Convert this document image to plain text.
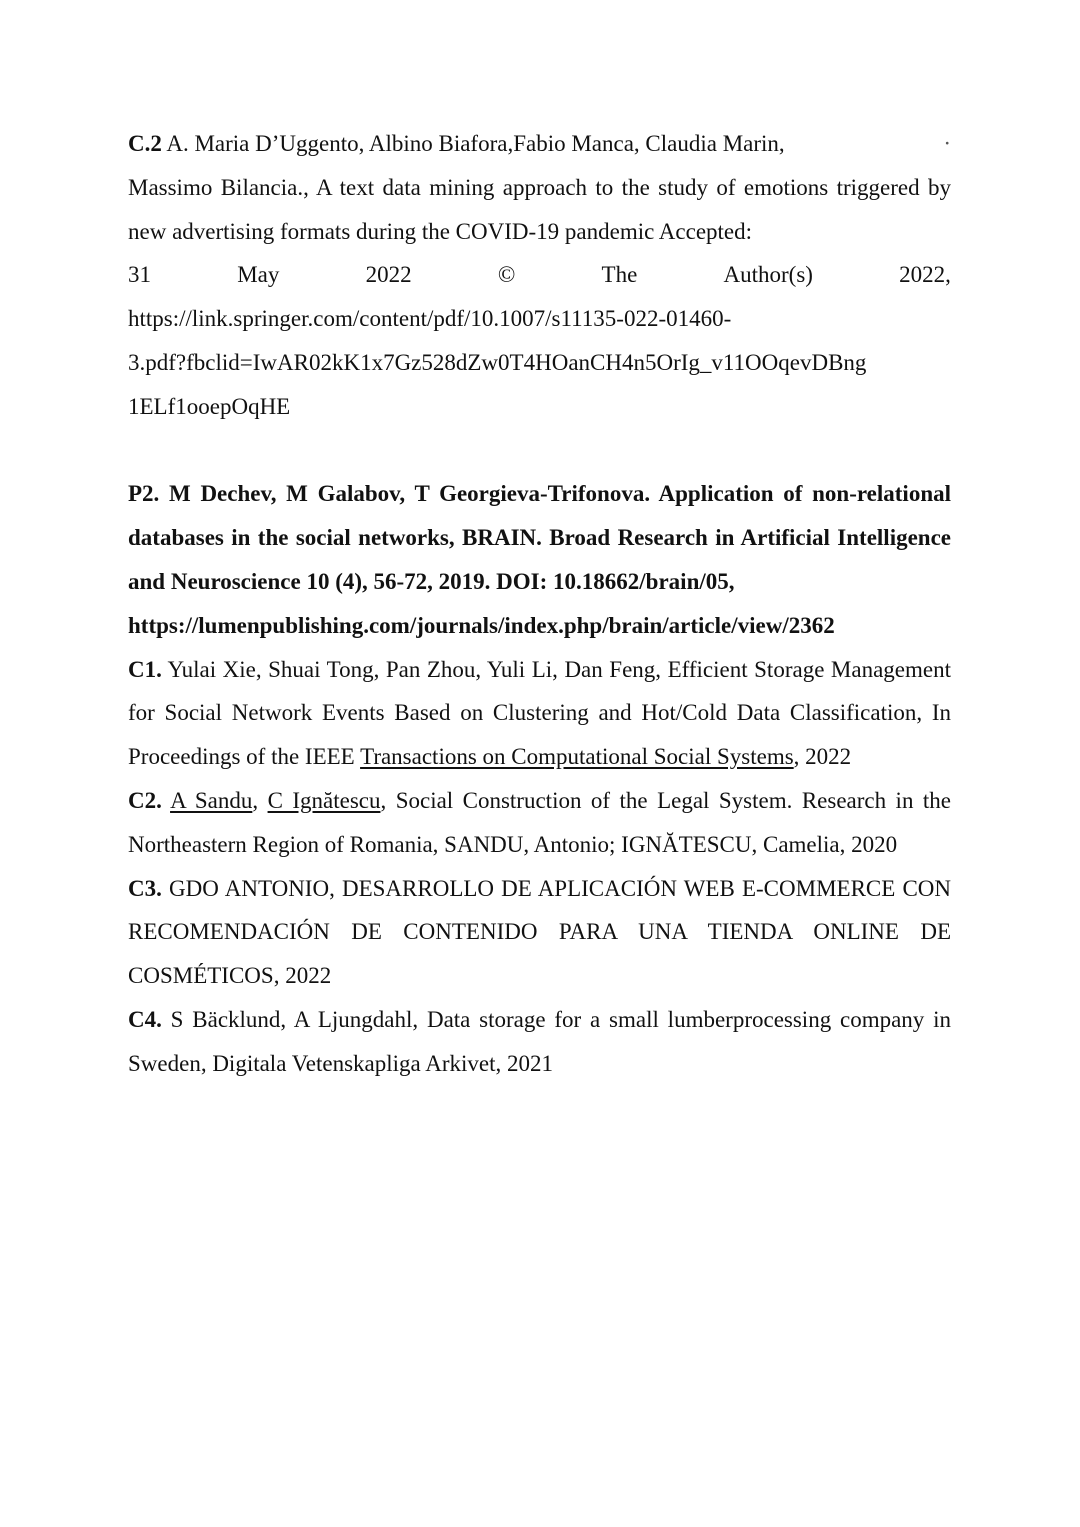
C.2 A. Maria D’Uggento, Albino Biafora,Fabio Manca, Claudia Marin,	·
Massimo Bilancia., A text data mining approach to the study of emotions triggered by new advertising formats during the COVID-19 pandemic Accepted:
31	May	2022	©	The	Author(s)	2022,
https://link.springer.com/content/pdf/10.1007/s11135-022-01460-
3.pdf?fbclid=IwAR02kK1x7Gz528dZw0T4HOanCH4n5OrIg_v11OOqevDBng
1ELf1ooepOqHE
P2. M Dechev, M Galabov, T Georgieva-Trifonova. Application of non-relational databases in the social networks, BRAIN. Broad Research in Artificial Intelligence and Neuroscience 10 (4), 56-72, 2019. DOI: 10.18662/brain/05,
https://lumenpublishing.com/journals/index.php/brain/article/view/2362
C1. Yulai Xie, Shuai Tong, Pan Zhou, Yuli Li, Dan Feng, Efficient Storage Management for Social Network Events Based on Clustering and Hot/Cold Data Classification, In Proceedings of the IEEE Transactions on Computational Social Systems, 2022
C2. A Sandu, C Ignătescu, Social Construction of the Legal System. Research in the Northeastern Region of Romania, SANDU, Antonio; IGNĂTESCU, Camelia, 2020
C3. GDO ANTONIO, DESARROLLO DE APLICACIÓN WEB E-COMMERCE CON RECOMENDACIÓN DE CONTENIDO PARA UNA TIENDA ONLINE DE COSMÉTICOS, 2022
C4. S Bäcklund, A Ljungdahl, Data storage for a small lumberprocessing company in Sweden, Digitala Vetenskapliga Arkivet, 2021
